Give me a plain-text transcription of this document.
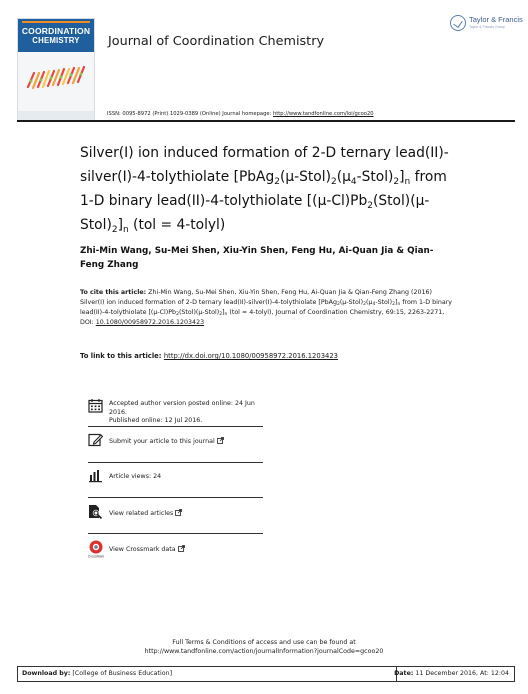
COORDINATION
CHEMISTRY	Journal of Coordination Chemistry
Taylor & Francis
Taylor & Francis Group
ISSN: 0095-8972 (Print) 1029-0389 (Online) Journal homepage: http://www.tandfonline.com/loi/gcoo20
Silver(I) ion induced formation of 2-D ternary lead(II)-silver(I)-4-tolythiolate $[PbAg_2(\mu-Stol)_2(\mu_4-Stol)_2]_n$ from 1-D binary lead(II)-4-tolythiolate $[(\mu-Cl)Pb_2(Stol)(\mu-Stol)_2]_n$ (tol = 4-tolyl)
Zhi-Min Wang, Su-Mei Shen, Xiu-Yin Shen, Feng Hu, Ai-Quan Jia & Qian-Feng Zhang
To cite this article: Zhi-Min Wang, Su-Mei Shen, Xiu-Yin Shen, Feng Hu, Ai-Quan Jia & Qian-Feng Zhang (2016) Silver(I) ion induced formation of 2-D ternary lead(II)-silver(I)-4-tolythiolate $[PbAg_2(\mu-Stol)_2(\mu_4-Stol)_2]_n$ from 1-D binary lead(II)-4-tolythiolate $[(\mu-Cl)Pb_2(Stol)(\mu-Stol)_2]_n$ (tol = 4-tolyl), Journal of Coordination Chemistry, 69:15, 2263-2271, DOI: 10.1080/00958972.2016.1203423
To link to this article: http://dx.doi.org/10.1080/00958972.2016.1203423
Accepted author version posted online: 24 Jun 2016.
Published online: 12 Jul 2016.
Submit your article to this journal
Article views: 24
View related articles
CrossMark
View Crossmark data
Full Terms & Conditions of access and use can be found at
http://www.tandfonline.com/action/journalInformation?journalCode=gcoo20
Download by: [College of Business Education]	Date: 11 December 2016, At: 12:04
